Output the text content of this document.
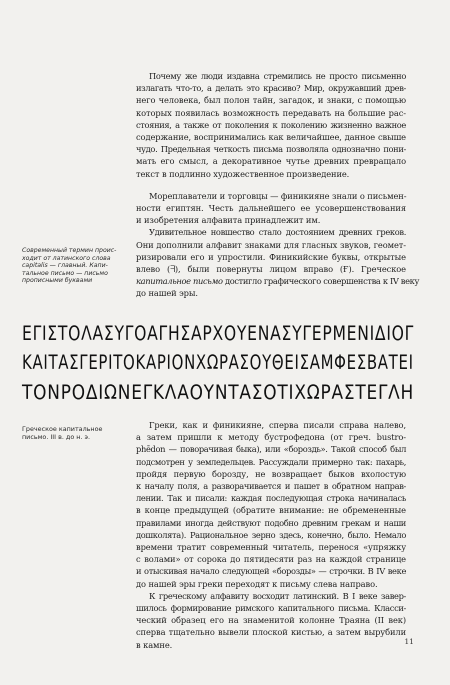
Почему же люди издавна стремились не просто письменно
излагать что-то, а делать это красиво? Мир, окружавший древ-
него человека, был полон тайн, загадок, и знаки, с помощью
которых появилась возможность передавать на большие рас-
стояния, а также от поколения к поколению жизненно важное
содержание, воспринимались как величайшее, данное свыше
чудо. Предельная четкость письма позволяла однозначно пони-
мать его смысл, а декоративное чутье древних превращало
текст в подлинно художественное произведение.

Мореплаватели и торговцы — финикияне знали о письмен-
ности египтян. Честь дальнейшего ее усовершенствования
и изобретения алфавита принадлежит им.

Удивительное новшество стало достоянием древних греков.
Они дополнили алфавит знаками для гласных звуков, геомет-
ризировали его и упростили. Финикийские буквы, открытые
влево (ᖷ), были повернуты лицом вправо (Ғ). Греческое
капитальное письмо достигло графического совершенства к IV веку
до нашей эры.

Современный термин проис-
ходит от латинского слова
capitalis — главный. Капи-
тальное письмо — письмо
прописными буквами
ΕΓΙΣΤΟΛΑΣΥΓΟΑΓΗΣΑΡΧΟΥΕΝΑΣΥΓΕΡΜΕΝΙΔΙΟΓ
ΚΑΙΤΑΣΓΕΡΙΤΟΚΑΡΙΟΝΧΩΡΑΣΟΥΘΕΙΣΑΜΦΕΣΒΑΤΕΙ
ΤΟΝΡΟΔΙΩΝΕΓΚΛΑΟΥΝΤΑΣΟΤΙΧΩΡΑΣΤΕΓΛΗ
Греческое капитальное
письмо. III в. до н. э.

Греки, как и финикияне, сперва писали справа налево,
а затем пришли к методу бустрофедона (от греч. bustro-
phēdon — поворачивая быка), или «бороздь». Такой способ был
подсмотрен у земледельцев. Рассуждали примерно так: пахарь,
пройдя первую борозду, не возвращает быков вхолостую
к началу поля, а разворачивается и пашет в обратном направ-
лении. Так и писали: каждая последующая строка начиналась
в конце предыдущей (обратите внимание: не обремененные
правилами иногда действуют подобно древним грекам и наши
дошколята). Рациональное зерно здесь, конечно, было. Немало
времени тратит современный читатель, перенося «упряжку
с волами» от сорока до пятидесяти раз на каждой странице
и отыскивая начало следующей «борозды» — строчки. В IV веке
до нашей эры греки переходят к письму слева направо.

К греческому алфавиту восходит латинский. В I веке завер-
шилось формирование римского капитального письма. Класси-
ческий образец его на знаменитой колонне Траяна (II век)
сперва тщательно вывели плоской кистью, а затем вырубили
в камне.	11
